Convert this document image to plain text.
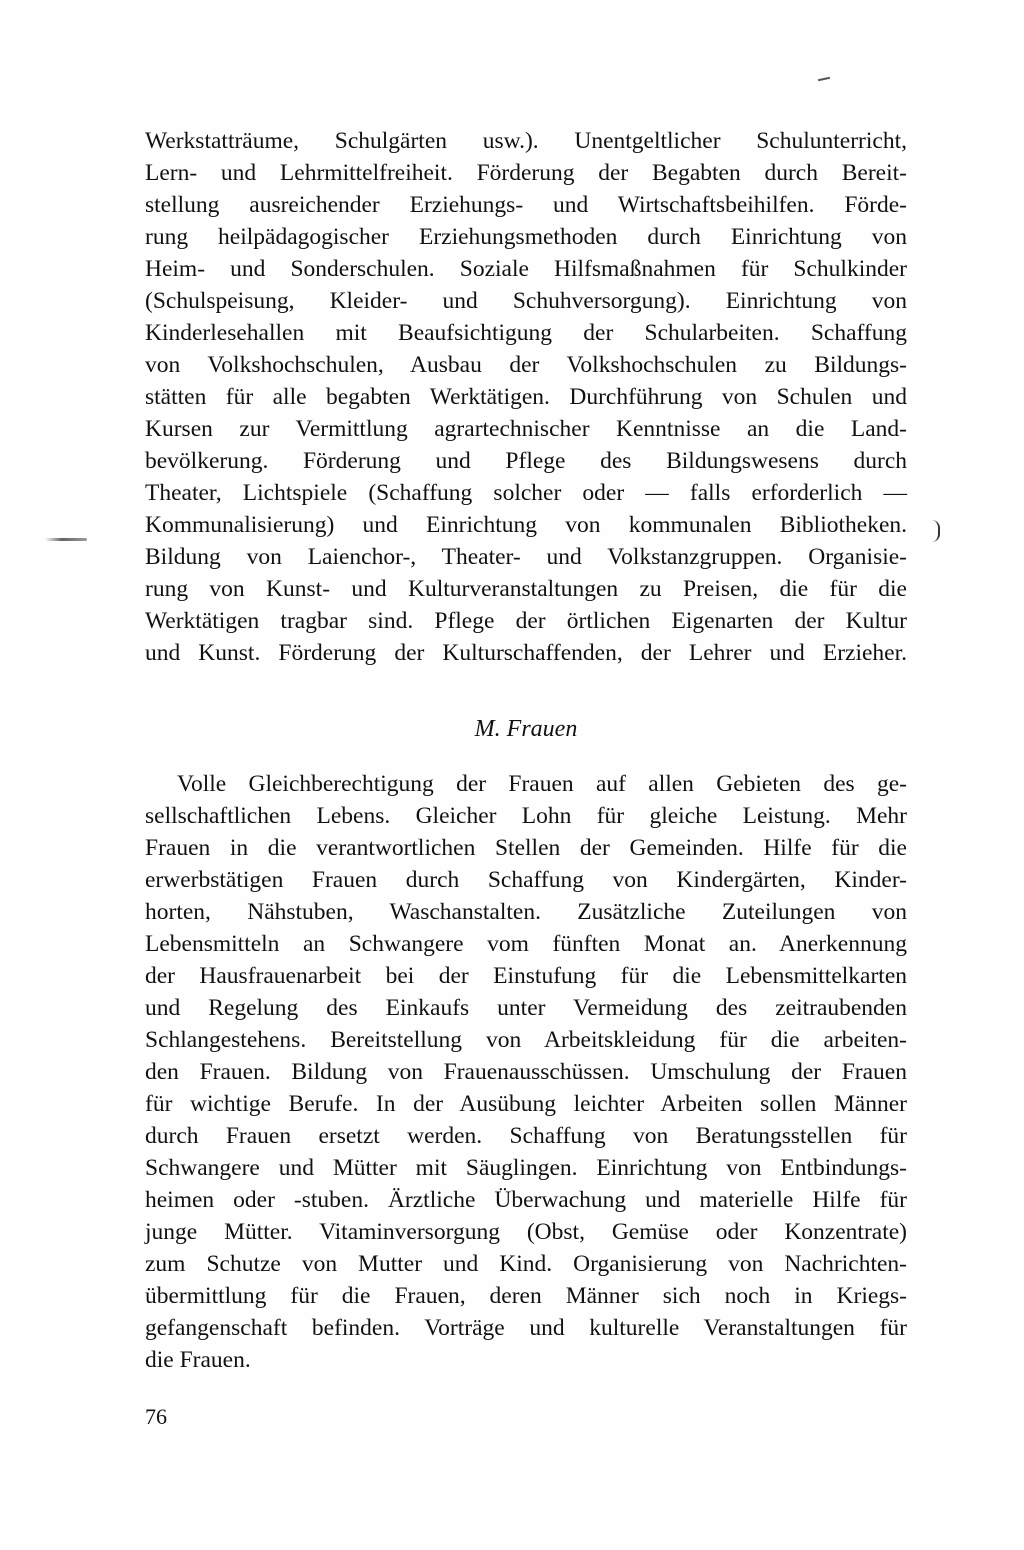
Werkstatträume, Schulgärten usw.). Unentgeltlicher Schulunterricht,
Lern- und Lehrmittelfreiheit. Förderung der Begabten durch Bereit-
stellung ausreichender Erziehungs- und Wirtschaftsbeihilfen. Förde-
rung heilpädagogischer Erziehungsmethoden durch Einrichtung von
Heim- und Sonderschulen. Soziale Hilfsmaßnahmen für Schulkinder
(Schulspeisung, Kleider- und Schuhversorgung). Einrichtung von
Kinderlesehallen mit Beaufsichtigung der Schularbeiten. Schaffung
von Volkshochschulen, Ausbau der Volkshochschulen zu Bildungs-
stätten für alle begabten Werktätigen. Durchführung von Schulen und
Kursen zur Vermittlung agrartechnischer Kenntnisse an die Land-
bevölkerung. Förderung und Pflege des Bildungswesens durch
Theater, Lichtspiele (Schaffung solcher oder — falls erforderlich —
Kommunalisierung) und Einrichtung von kommunalen Bibliotheken.
Bildung von Laienchor-, Theater- und Volkstanzgruppen. Organisie-
rung von Kunst- und Kulturveranstaltungen zu Preisen, die für die
Werktätigen tragbar sind. Pflege der örtlichen Eigenarten der Kultur
und Kunst. Förderung der Kulturschaffenden, der Lehrer und Erzieher.
M. Frauen
Volle Gleichberechtigung der Frauen auf allen Gebieten des ge-
sellschaftlichen Lebens. Gleicher Lohn für gleiche Leistung. Mehr
Frauen in die verantwortlichen Stellen der Gemeinden. Hilfe für die
erwerbstätigen Frauen durch Schaffung von Kindergärten, Kinder-
horten, Nähstuben, Waschanstalten. Zusätzliche Zuteilungen von
Lebensmitteln an Schwangere vom fünften Monat an. Anerkennung
der Hausfrauenarbeit bei der Einstufung für die Lebensmittelkarten
und Regelung des Einkaufs unter Vermeidung des zeitraubenden
Schlangestehens. Bereitstellung von Arbeitskleidung für die arbeiten-
den Frauen. Bildung von Frauenausschüssen. Umschulung der Frauen
für wichtige Berufe. In der Ausübung leichter Arbeiten sollen Männer
durch Frauen ersetzt werden. Schaffung von Beratungsstellen für
Schwangere und Mütter mit Säuglingen. Einrichtung von Entbindungs-
heimen oder -stuben. Ärztliche Überwachung und materielle Hilfe für
junge Mütter. Vitaminversorgung (Obst, Gemüse oder Konzentrate)
zum Schutze von Mutter und Kind. Organisierung von Nachrichten-
übermittlung für die Frauen, deren Männer sich noch in Kriegs-
gefangenschaft befinden. Vorträge und kulturelle Veranstaltungen für
die Frauen.
76
